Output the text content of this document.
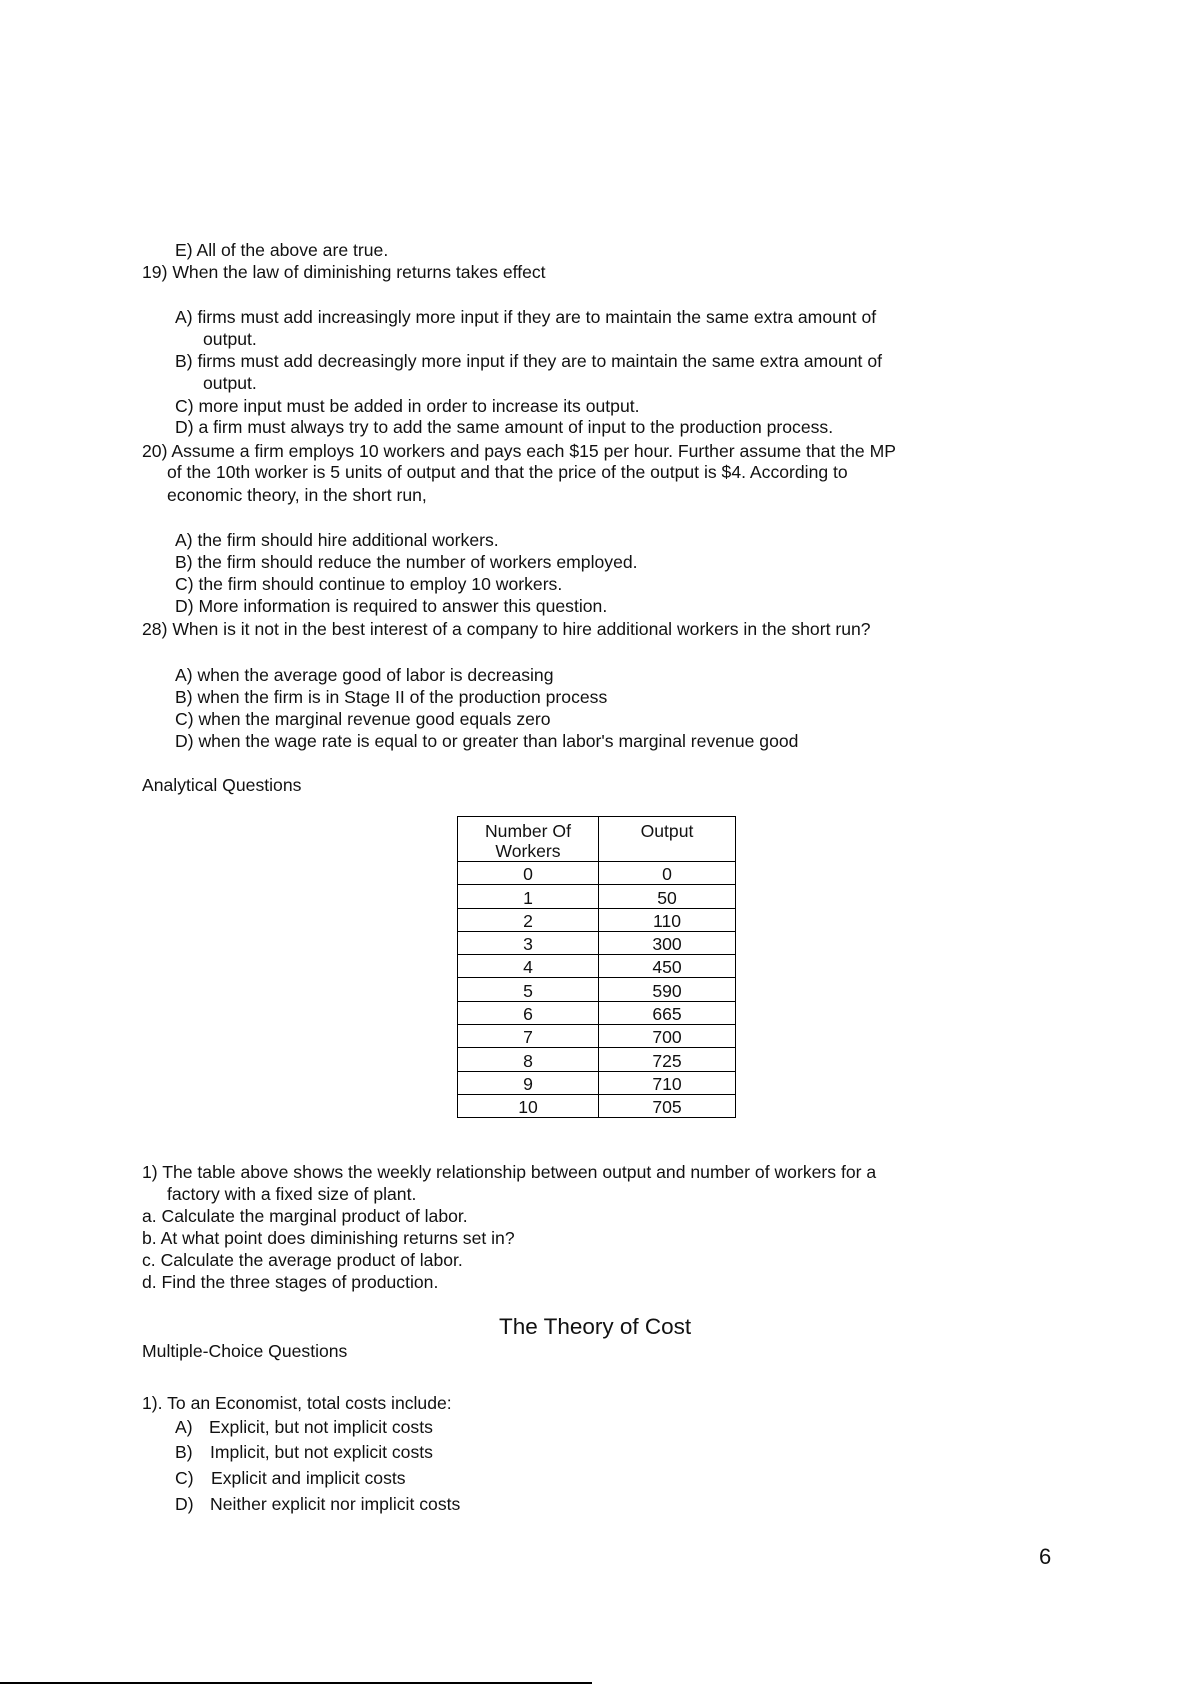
E) All of the above are true.
19) When the law of diminishing returns takes effect
A) firms must add increasingly more input if they are to maintain the same extra amount of
output.
B) firms must add decreasingly more input if they are to maintain the same extra amount of
output.
C) more input must be added in order to increase its output.
D) a firm must always try to add the same amount of input to the production process.
20) Assume a firm employs 10 workers and pays each $15 per hour. Further assume that the MP
of the 10th worker is 5 units of output and that the price of the output is $4. According to
economic theory, in the short run,
A) the firm should hire additional workers.
B) the firm should reduce the number of workers employed.
C) the firm should continue to employ 10 workers.
D) More information is required to answer this question.
28) When is it not in the best interest of a company to hire additional workers in the short run?
A) when the average good of labor is decreasing
B) when the firm is in Stage II of the production process
C) when the marginal revenue good equals zero
D) when the wage rate is equal to or greater than labor's marginal revenue good
Analytical Questions
Number Of
Workers	Output
0	0
1	50
2	110
3	300
4	450
5	590
6	665
7	700
8	725
9	710
10	705
1) The table above shows the weekly relationship between output and number of workers for a
factory with a fixed size of plant.
a. Calculate the marginal product of labor.
b. At what point does diminishing returns set in?
c. Calculate the average product of labor.
d. Find the three stages of production.
The Theory of Cost
Multiple-Choice Questions
1). To an Economist, total costs include:
A) Explicit, but not implicit costs
B) Implicit, but not explicit costs
C) Explicit and implicit costs
D) Neither explicit nor implicit costs
6
